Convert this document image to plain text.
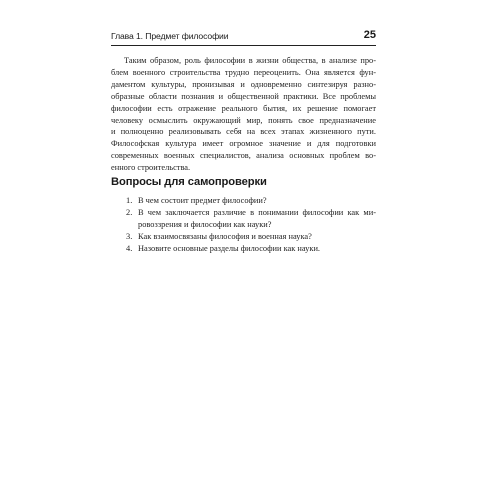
Глава 1. Предмет философии	25
Таким образом, роль философии в жизни общества, в анализе про-
блем военного строительства трудно переоценить. Она является фун-
даментом культуры, пронизывая и одновременно синтезируя разно-
образные области познания и общественной практики. Все проблемы
философии есть отражение реального бытия, их решение помогает
человеку осмыслить окружающий мир, понять свое предназначение
и полноценно реализовывать себя на всех этапах жизненного пути.
Философская культура имеет огромное значение и для подготовки
современных военных специалистов, анализа основных проблем во-
енного строительства.
Вопросы для самопроверки
1. В чем состоит предмет философии?
2. В чем заключается различие в понимании философии как ми-
ровоззрения и философии как науки?
3. Как взаимосвязаны философия и военная наука?
4. Назовите основные разделы философии как науки.
